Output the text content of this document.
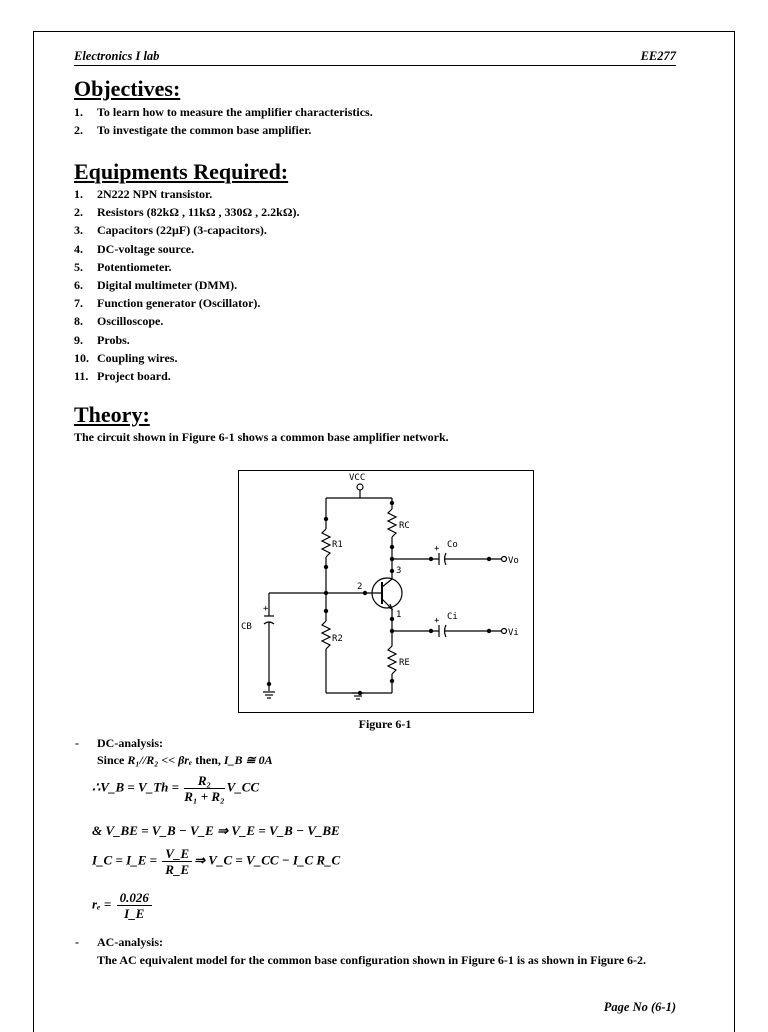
Electronics I lab	EE277
Objectives:
1. To learn how to measure the amplifier characteristics.
2. To investigate the common base amplifier.
Equipments Required:
1. 2N222 NPN transistor.
2. Resistors (82kΩ , 11kΩ , 330Ω , 2.2kΩ).
3. Capacitors (22µF) (3-capacitors).
4. DC-voltage source.
5. Potentiometer.
6. Digital multimeter (DMM).
7. Function generator (Oscillator).
8. Oscilloscope.
9. Probs.
10. Coupling wires.
11. Project board.
Theory:

The circuit shown in Figure 6-1 shows a common base amplifier network.

VCC
RC
R1
R2
RE
Co
Ci
Vo
Vi
CB
1
2
3
+
+
+
Figure 6-1
- DC-analysis:
Since R₁//R₂ << βrₑ then, I_B ≅ 0A
∴V_B = V_Th = $\frac{\text{R₂}}{\text{R₁ + R₂}}$ V_CC
& V_BE = V_B − V_E ⇒ V_E = V_B − V_BE
I_C = I_E = $\frac{V\_E}{R\_E}$ ⇒ V_C = V_CC − I_C R_C
$r_e = \frac{0.026}{I\_E}$
- AC-analysis:
The AC equivalent model for the common base configuration shown in Figure 6-1 is as shown in Figure 6-2.
Page No (6-1)
